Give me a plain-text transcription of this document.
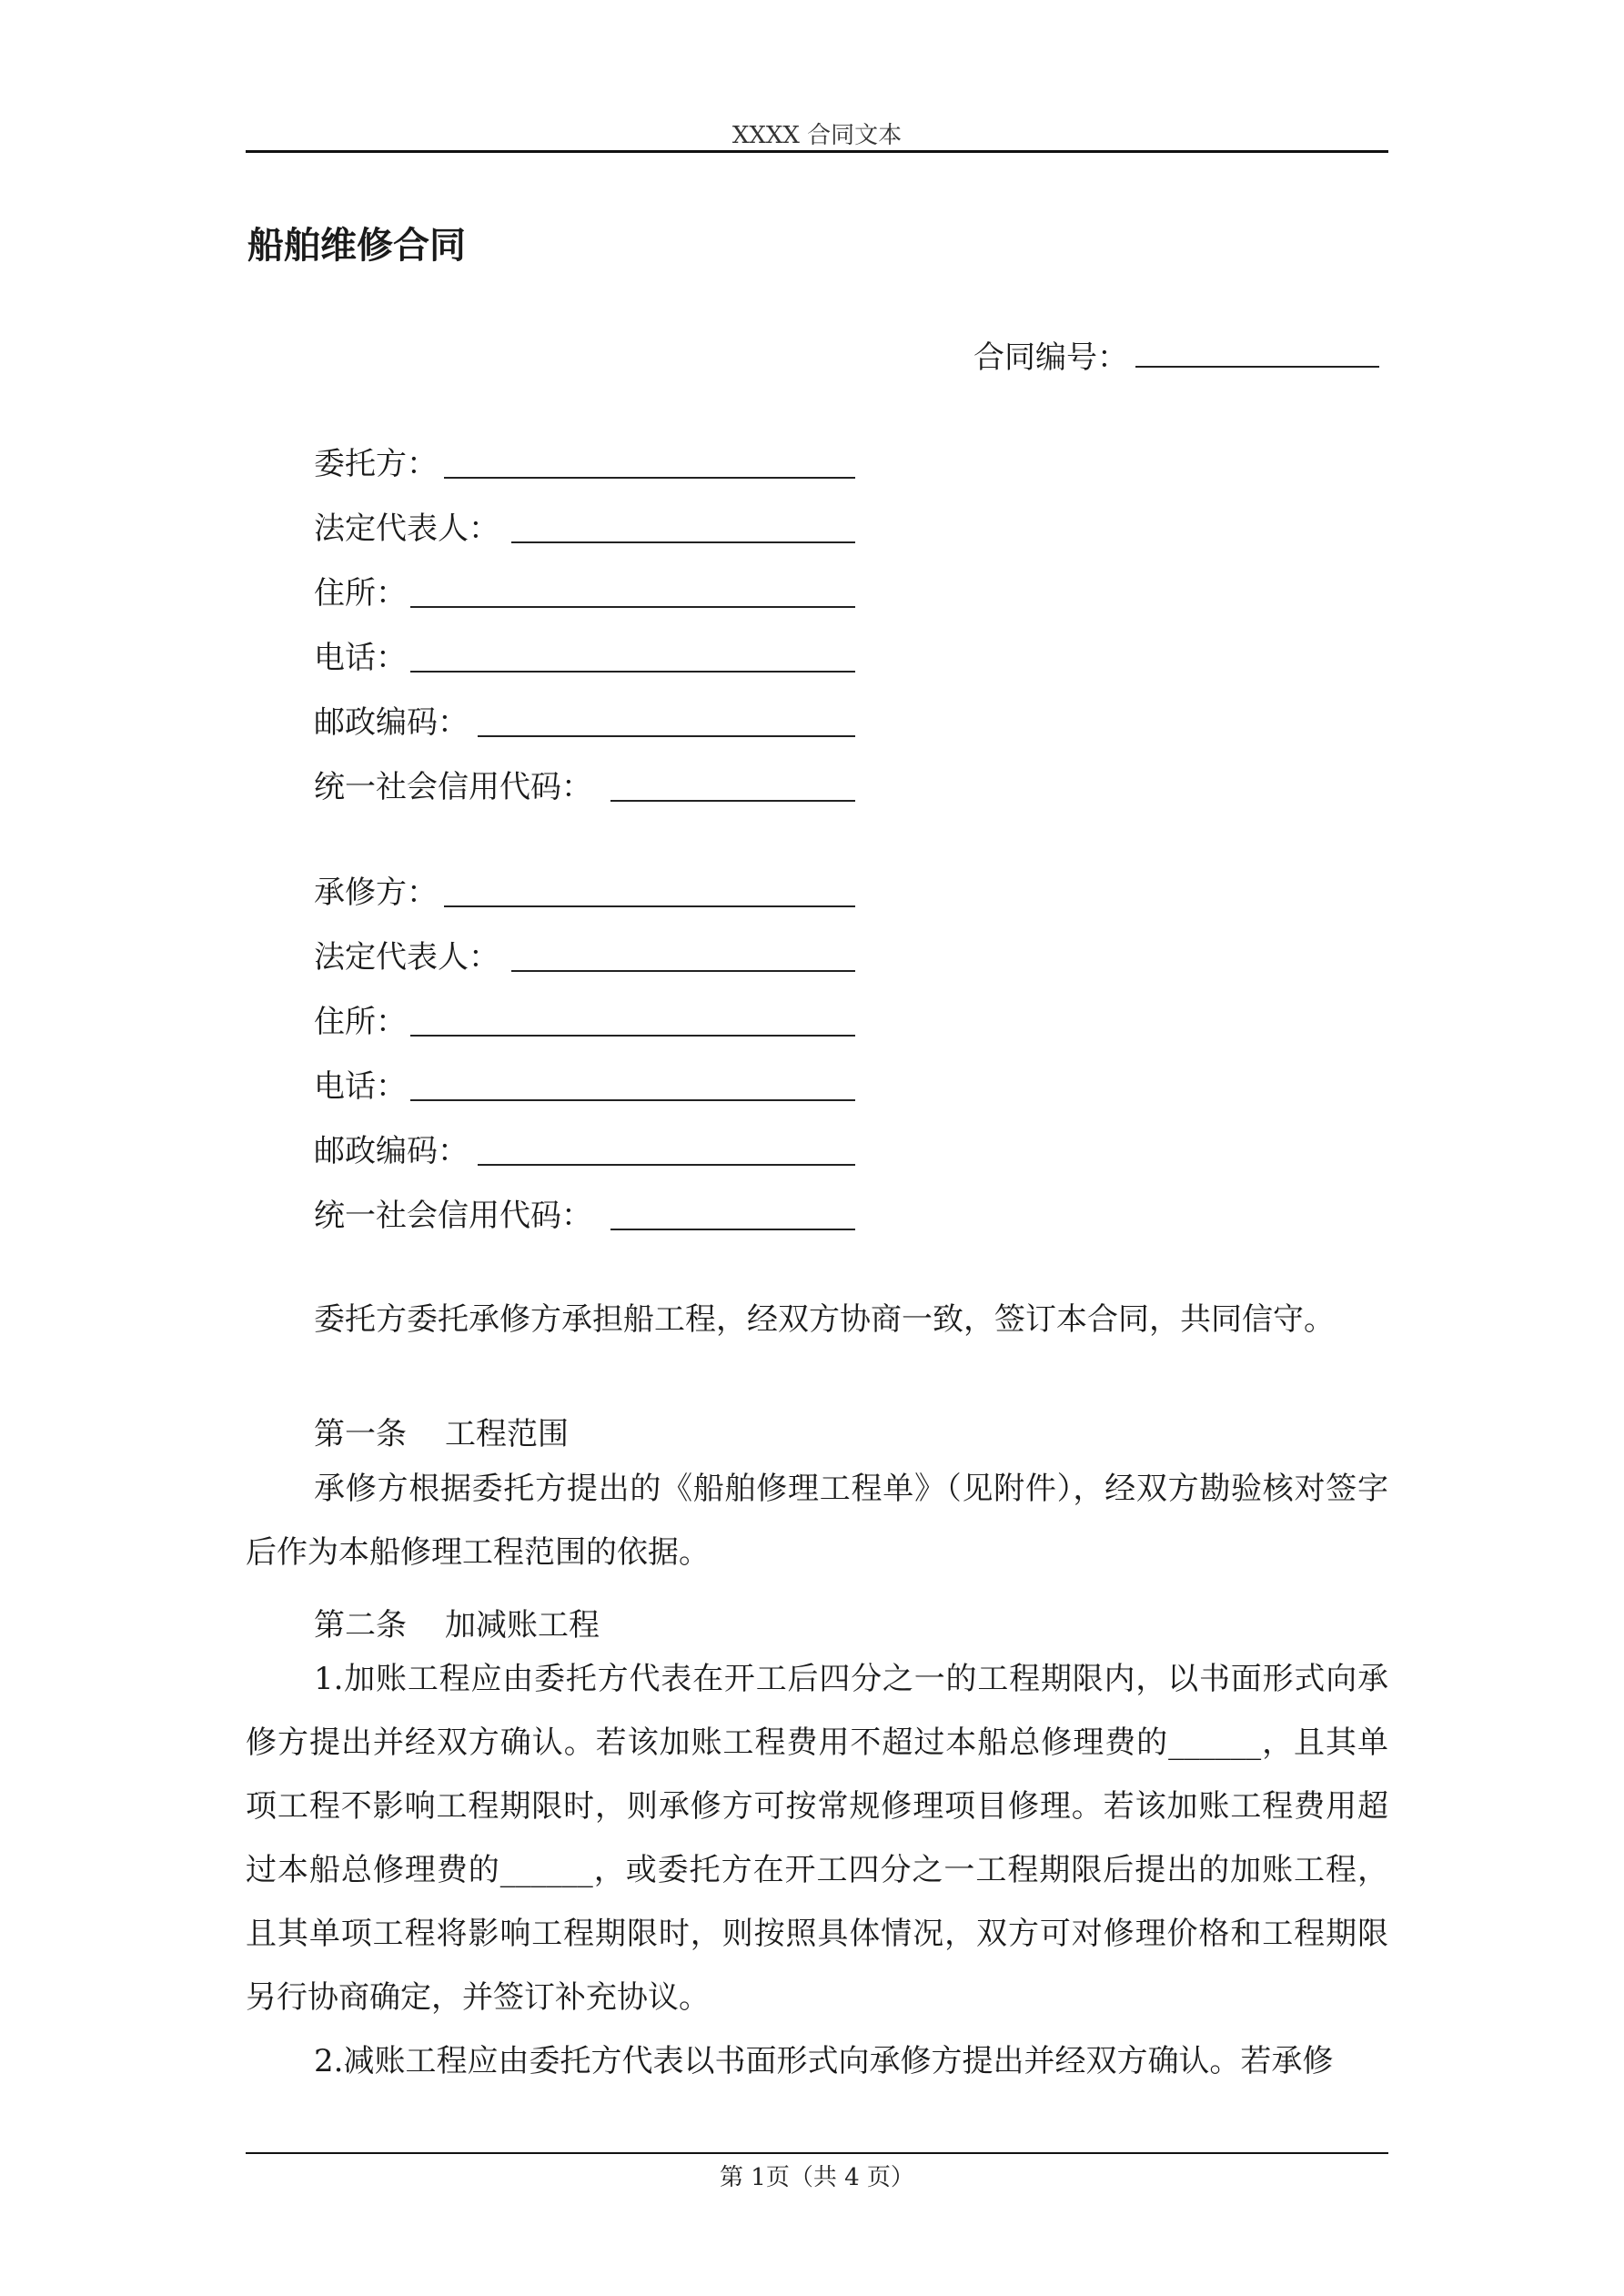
XXXX 合同文本
船舶维修合同
合同编号：
委托方：
法定代表人：
住所：
电话：
邮政编码：
统一社会信用代码：
承修方：
法定代表人：
住所：
电话：
邮政编码：
统一社会信用代码：

委托方委托承修方承担船工程，经双方协商一致，签订本合同，共同信守。

第一条 工程范围

承修方根据委托方提出的《船舶修理工程单》（见附件），经双方勘验核对签字后作为本船修理工程范围的依据。

第二条 加减账工程

1.加账工程应由委托方代表在开工后四分之一的工程期限内，以书面形式向承修方提出并经双方确认。若该加账工程费用不超过本船总修理费的______，且其单项工程不影响工程期限时，则承修方可按常规修理项目修理。若该加账工程费用超过本船总修理费的______，或委托方在开工四分之一工程期限后提出的加账工程，且其单项工程将影响工程期限时，则按照具体情况，双方可对修理价格和工程期限另行协商确定，并签订补充协议。

2.减账工程应由委托方代表以书面形式向承修方提出并经双方确认。若承修

第 1页（共 4 页）
